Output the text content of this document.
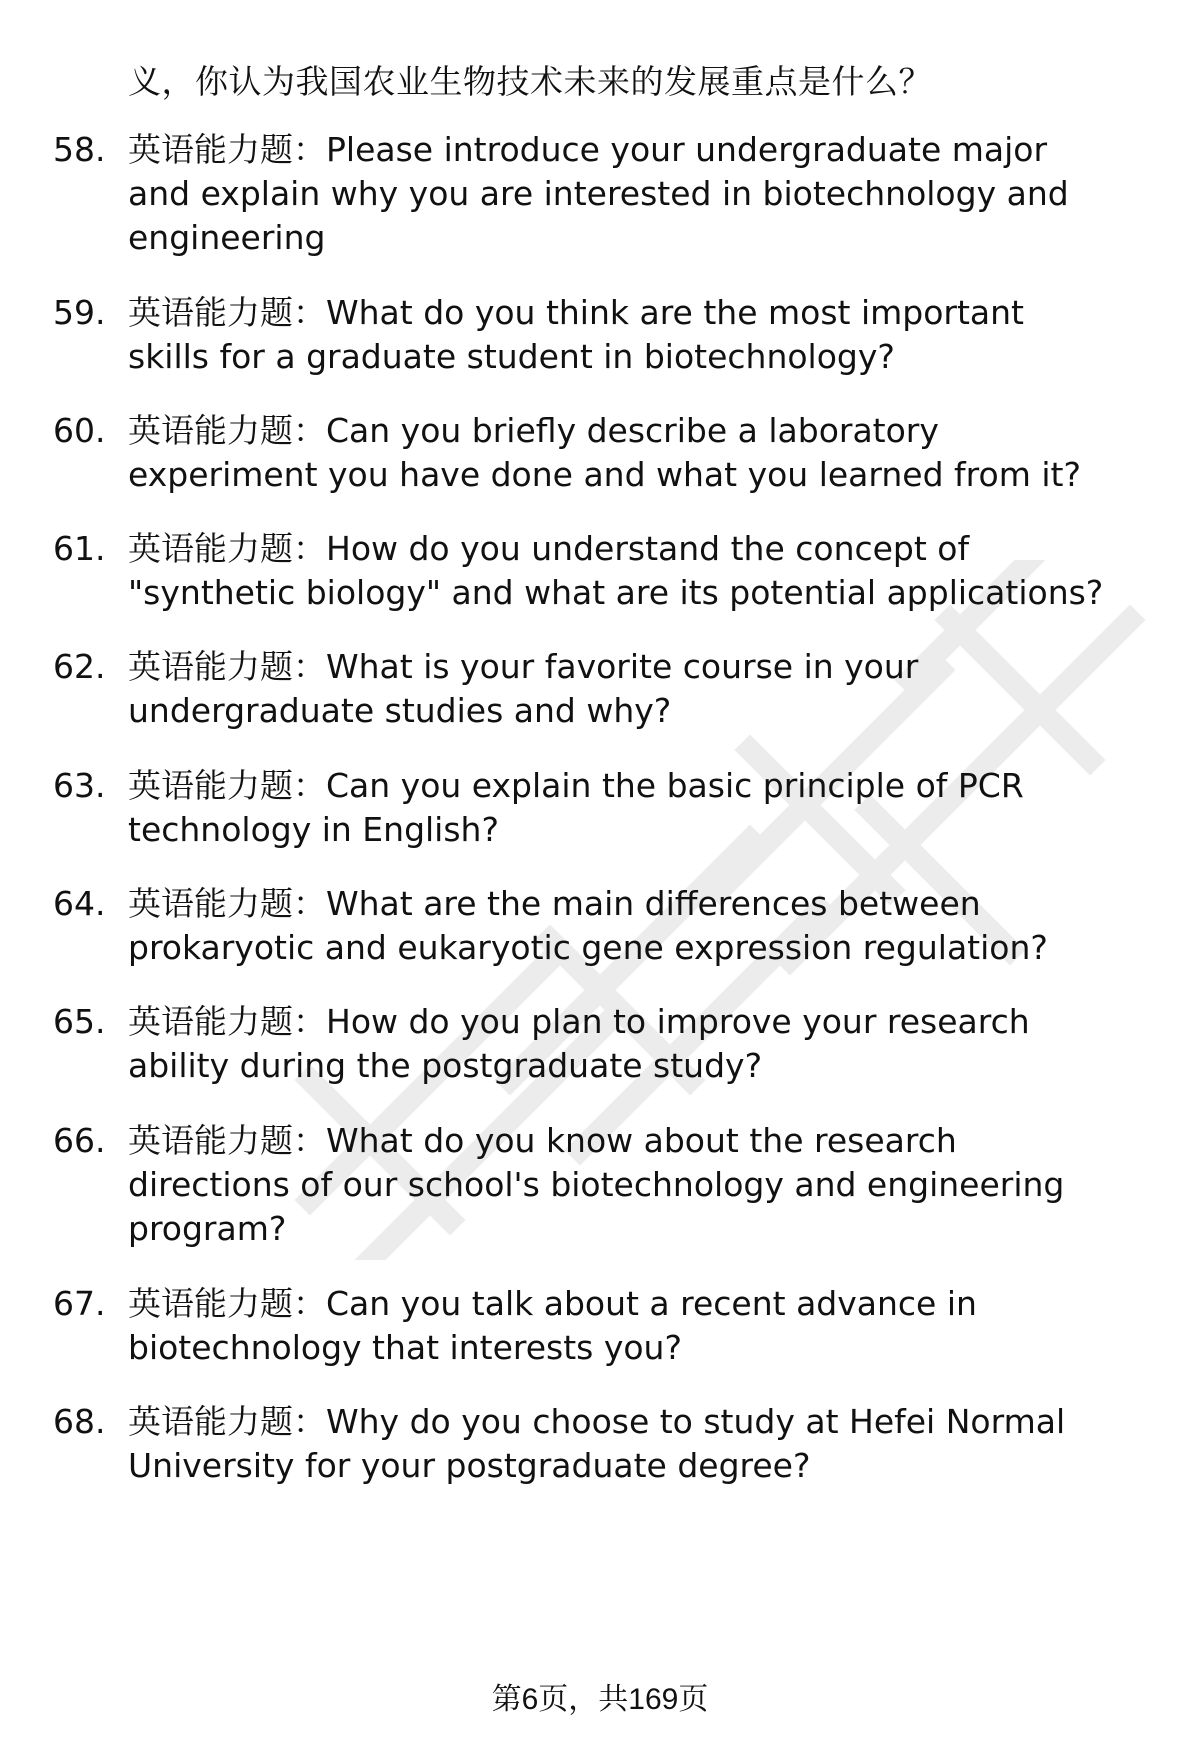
义，你认为我国农业生物技术未来的发展重点是什么？
58. 英语能力题：Please introduce your undergraduate major
and explain why you are interested in biotechnology and
engineering
59. 英语能力题：What do you think are the most important
skills for a graduate student in biotechnology?
60. 英语能力题：Can you briefly describe a laboratory
experiment you have done and what you learned from it?
61. 英语能力题：How do you understand the concept of
"synthetic biology" and what are its potential applications?
62. 英语能力题：What is your favorite course in your
undergraduate studies and why?
63. 英语能力题：Can you explain the basic principle of PCR
technology in English?
64. 英语能力题：What are the main differences between
prokaryotic and eukaryotic gene expression regulation?
65. 英语能力题：How do you plan to improve your research
ability during the postgraduate study?
66. 英语能力题：What do you know about the research
directions of our school's biotechnology and engineering
program?
67. 英语能力题：Can you talk about a recent advance in
biotechnology that interests you?
68. 英语能力题：Why do you choose to study at Hefei Normal
University for your postgraduate degree?
第6页，共169页
